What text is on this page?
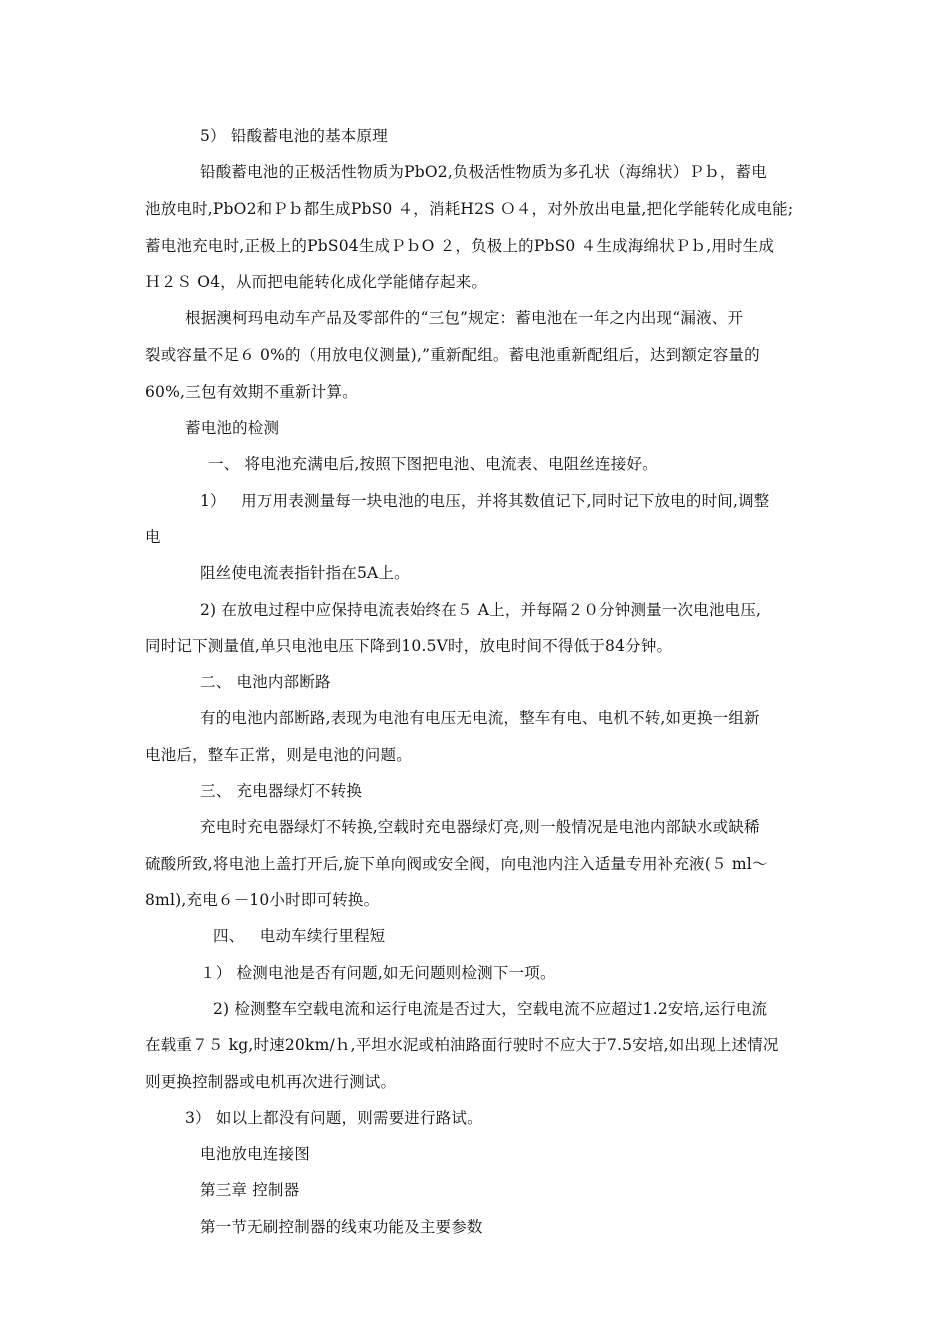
5） 铅酸蓄电池的基本原理
铅酸蓄电池的正极活性物质为PbO2,负极活性物质为多孔状（海绵状）Ｐｂ，蓄电
池放电时,PbO2和Ｐｂ都生成PbS0 ４，消耗H2S Ｏ４，对外放出电量,把化学能转化成电能;
蓄电池充电时,正极上的PbS04生成ＰｂO ２，负极上的PbS0 ４生成海绵状Ｐｂ,用时生成
Ｈ２Ｓ O4，从而把电能转化成化学能储存起来。
根据澳柯玛电动车产品及零部件的“三包”规定：蓄电池在一年之内出现“漏液、开
裂或容量不足６ 0%的（用放电仪测量),”重新配组。蓄电池重新配组后，达到额定容量的
60%,三包有效期不重新计算。
蓄电池的检测
一、 将电池充满电后,按照下图把电池、电流表、电阻丝连接好。
1）   用万用表测量每一块电池的电压，并将其数值记下,同时记下放电的时间,调整
电
阻丝使电流表指针指在5A上。
2) 在放电过程中应保持电流表始终在５ A上，并每隔２０分钟测量一次电池电压,
同时记下测量值,单只电池电压下降到10.5V时，放电时间不得低于84分钟。
二、 电池内部断路
有的电池内部断路,表现为电池有电压无电流，整车有电、电机不转,如更换一组新
电池后，整车正常，则是电池的问题。
三、 充电器绿灯不转换
充电时充电器绿灯不转换,空载时充电器绿灯亮,则一般情况是电池内部缺水或缺稀
硫酸所致,将电池上盖打开后,旋下单向阀或安全阀，向电池内注入适量专用补充液(５ ml～
8ml),充电６－10小时即可转换。
四、   电动车续行里程短
１） 检测电池是否有问题,如无问题则检测下一项。
2) 检测整车空载电流和运行电流是否过大，空载电流不应超过1.2安培,运行电流
在载重７５ kg,时速20km/ｈ,平坦水泥或柏油路面行驶时不应大于7.5安培,如出现上述情况
则更换控制器或电机再次进行测试。
3） 如以上都没有问题，则需要进行路试。
电池放电连接图
第三章 控制器
第一节无刷控制器的线束功能及主要参数
